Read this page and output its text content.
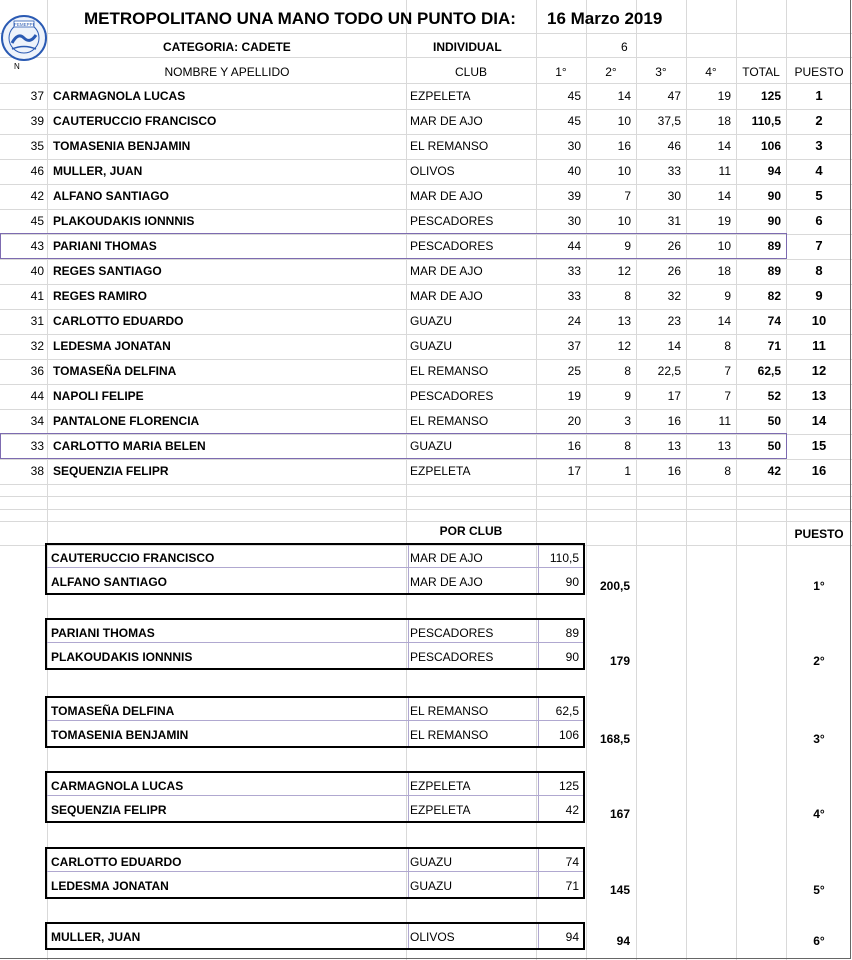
FEMEPPI
N
METROPOLITANO UNA MANO TODO UN PUNTO DIA: 16 Marzo 2019
CATEGORIA: CADETE	INDIVIDUAL	6
NOMBRE Y APELLIDO	CLUB	1°	2°	3°	4°	TOTAL	PUESTO
37 CARMAGNOLA LUCAS	EZPELETA	45	14	47	19	125	1
39 CAUTERUCCIO FRANCISCO	MAR DE AJO	45	10	37,5	18	110,5	2
35 TOMASENIA BENJAMIN	EL REMANSO	30	16	46	14	106	3
46 MULLER, JUAN	OLIVOS	40	10	33	11	94	4
42 ALFANO SANTIAGO	MAR DE AJO	39	7	30	14	90	5
45 PLAKOUDAKIS IONNNIS	PESCADORES	30	10	31	19	90	6
43 PARIANI THOMAS	PESCADORES	44	9	26	10	89	7
40 REGES SANTIAGO	MAR DE AJO	33	12	26	18	89	8
41 REGES RAMIRO	MAR DE AJO	33	8	32	9	82	9
31 CARLOTTO EDUARDO	GUAZU	24	13	23	14	74	10
32 LEDESMA JONATAN	GUAZU	37	12	14	8	71	11
36 TOMASEÑA DELFINA	EL REMANSO	25	8	22,5	7	62,5	12
44 NAPOLI FELIPE	PESCADORES	19	9	17	7	52	13
34 PANTALONE FLORENCIA	EL REMANSO	20	3	16	11	50	14
33 CARLOTTO MARIA BELEN	GUAZU	16	8	13	13	50	15
38 SEQUENZIA FELIPR	EZPELETA	17	1	16	8	42	16
POR CLUB	PUESTO
CAUTERUCCIO FRANCISCO	MAR DE AJO	110,5
ALFANO SANTIAGO	MAR DE AJO	90	200,5	1°
PARIANI THOMAS	PESCADORES	89
PLAKOUDAKIS IONNNIS	PESCADORES	90	179	2°
TOMASEÑA DELFINA	EL REMANSO	62,5
TOMASENIA BENJAMIN	EL REMANSO	106	168,5	3°
CARMAGNOLA LUCAS	EZPELETA	125
SEQUENZIA FELIPR	EZPELETA	42	167	4°
CARLOTTO EDUARDO	GUAZU	74
LEDESMA JONATAN	GUAZU	71	145	5°
MULLER, JUAN	OLIVOS	94	94	6°
